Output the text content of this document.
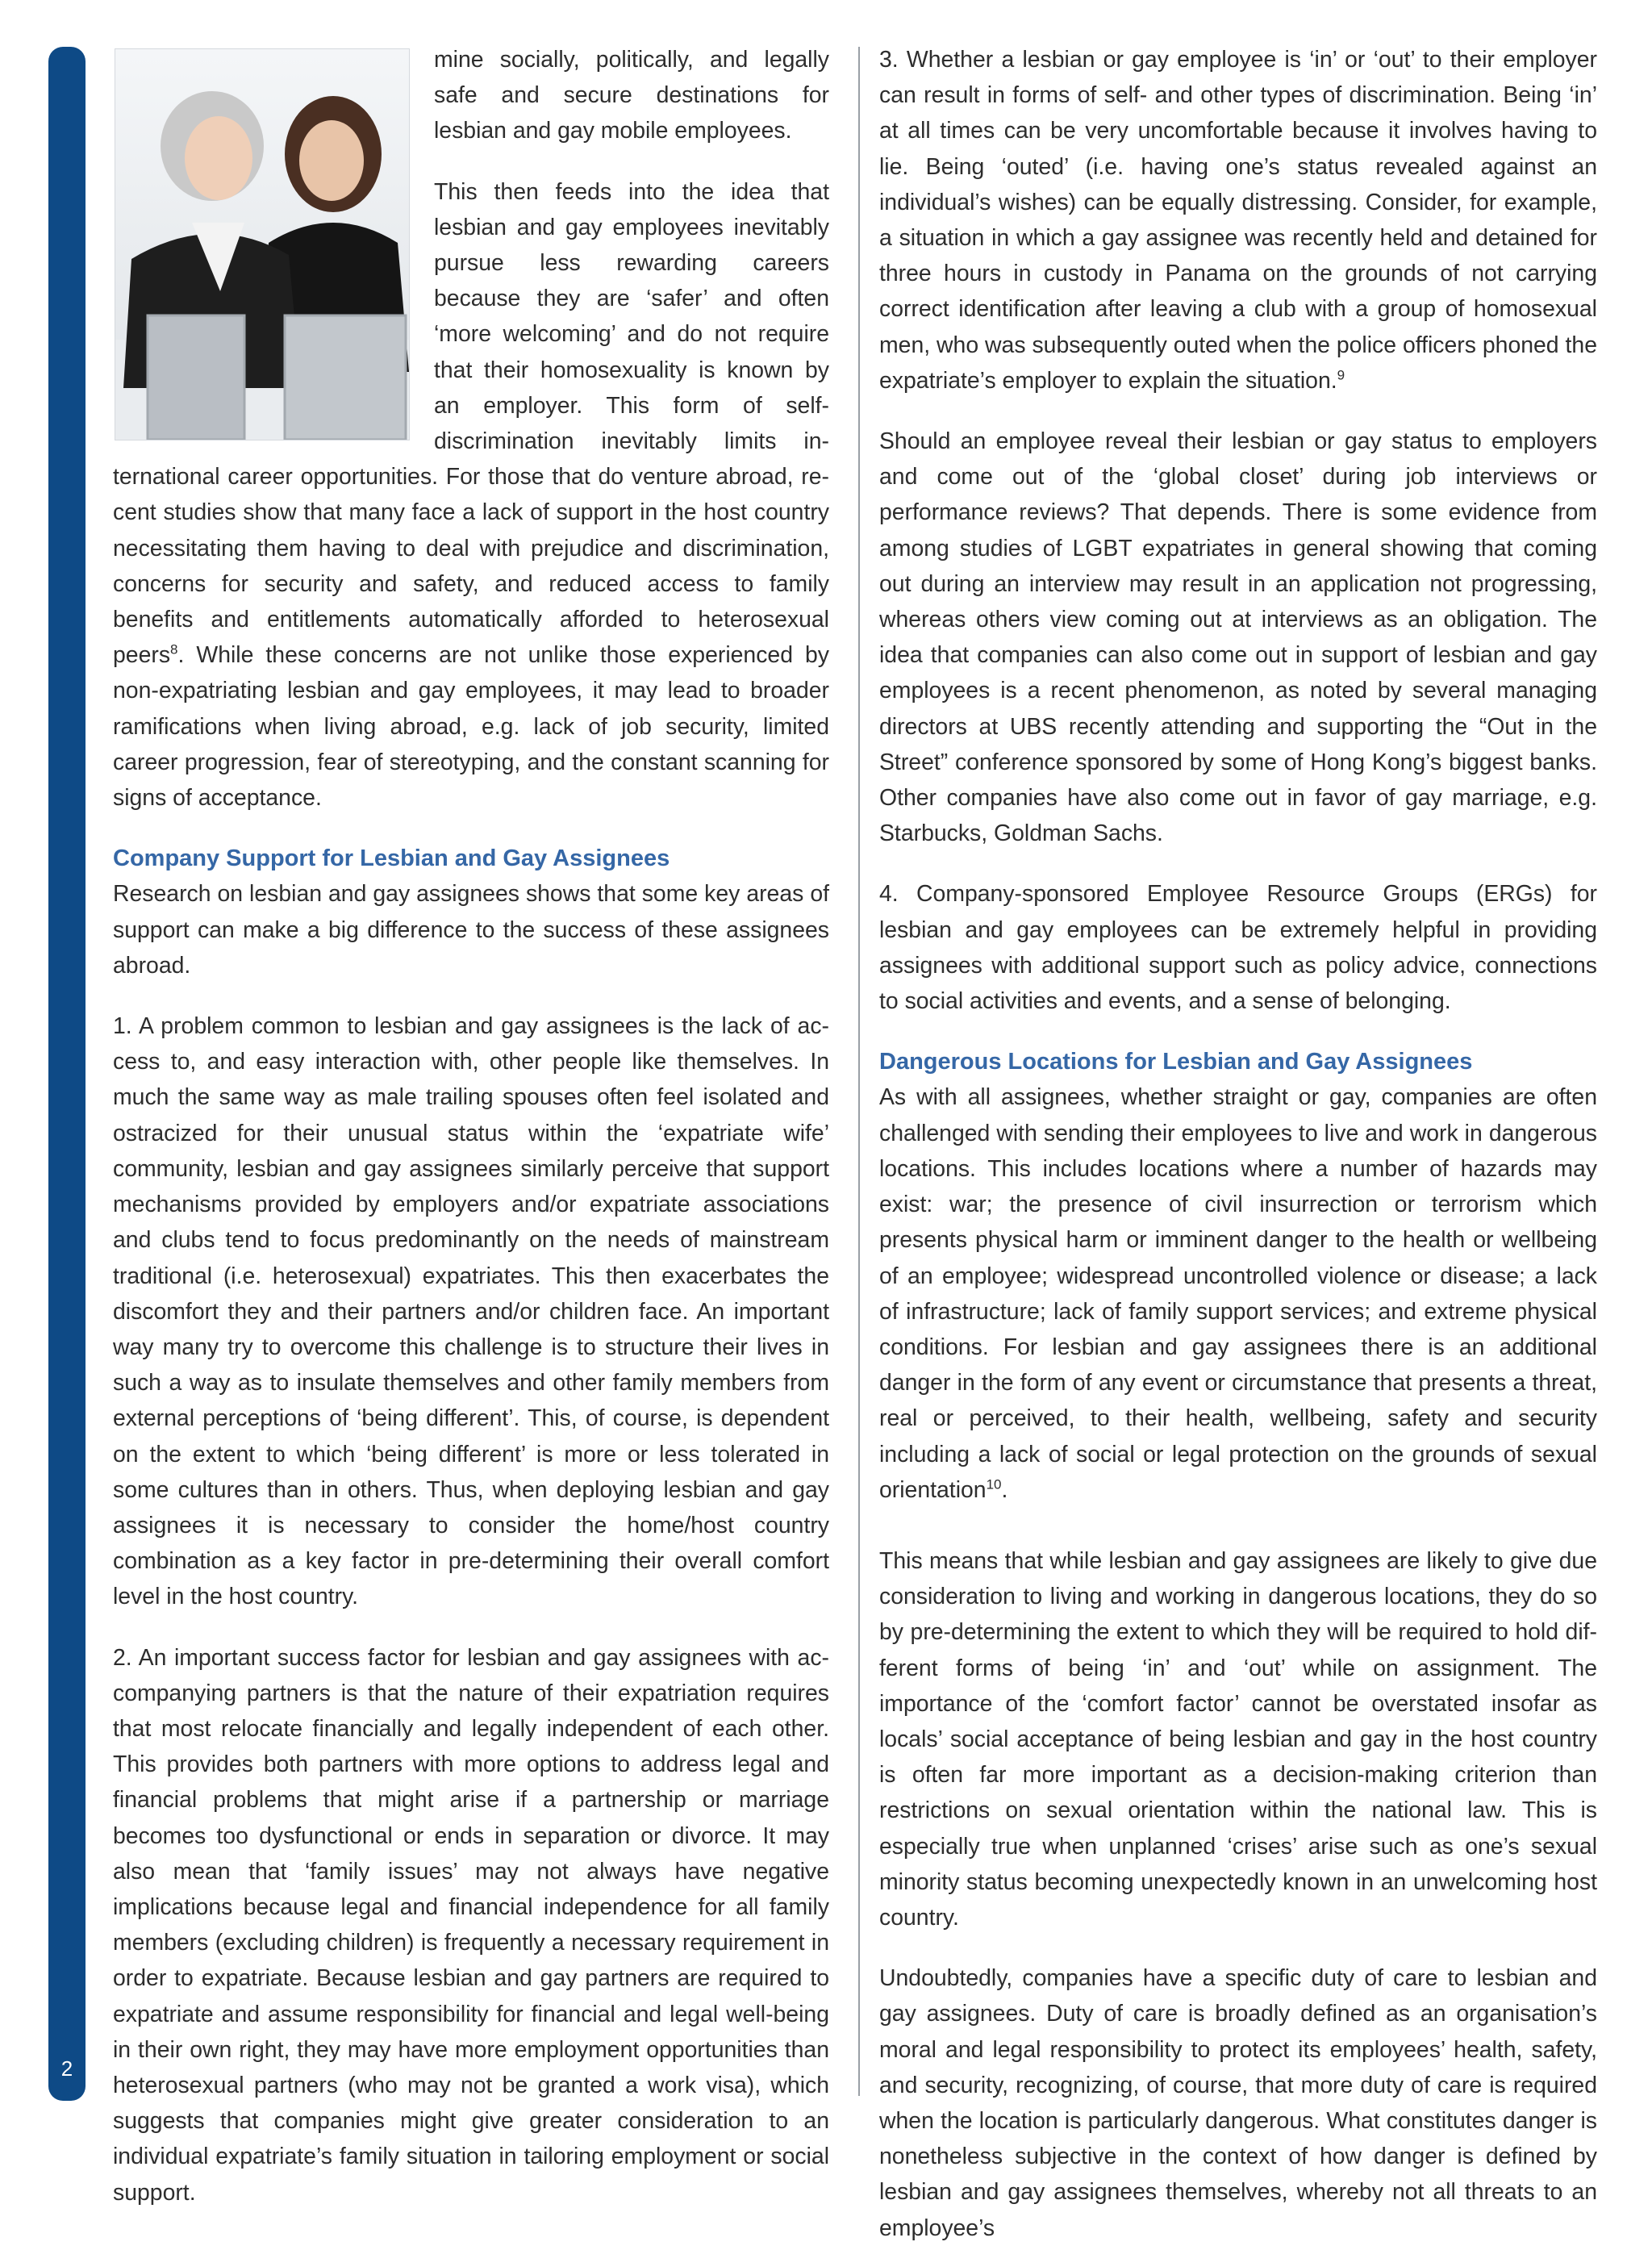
2

mine socially, politically, and legally safe and secure destinations for lesbian and gay mobile employees.

This then feeds into the idea that lesbian and gay employees inevitably pursue less rewarding careers because they are ‘safer’ and often ‘more welcoming’ and do not require that their homosexuality is known by an employer. This form of self-discrimination inevitably limits international career opportunities. For those that do venture abroad, recent studies show that many face a lack of support in the host country necessitating them having to deal with prejudice and discrimination, concerns for security and safety, and reduced access to family benefits and entitlements automatically afforded to heterosexual peers$^8$. While these concerns are not unlike those experienced by non-expatriating lesbian and gay employees, it may lead to broader ramifications when living abroad, e.g. lack of job security, limited career progression, fear of stereotyping, and the constant scanning for signs of acceptance.

Company Support for Lesbian and Gay Assignees

Research on lesbian and gay assignees shows that some key areas of support can make a big difference to the success of these assignees abroad.

1. A problem common to lesbian and gay assignees is the lack of access to, and easy interaction with, other people like themselves. In much the same way as male trailing spouses often feel isolated and ostracized for their unusual status within the ‘expatriate wife’ community, lesbian and gay assignees similarly perceive that support mechanisms provided by employers and/or expatriate associations and clubs tend to focus predominantly on the needs of mainstream traditional (i.e. heterosexual) expatriates. This then exacerbates the discomfort they and their partners and/or children face. An important way many try to overcome this challenge is to structure their lives in such a way as to insulate themselves and other family members from external perceptions of ‘being different’. This, of course, is dependent on the extent to which ‘being different’ is more or less tolerated in some cultures than in others. Thus, when deploying lesbian and gay assignees it is necessary to consider the home/host country combination as a key factor in pre-determining their overall comfort level in the host country.

2. An important success factor for lesbian and gay assignees with accompanying partners is that the nature of their expatriation requires that most relocate financially and legally independent of each other. This provides both partners with more options to address legal and financial problems that might arise if a partnership or marriage becomes too dysfunctional or ends in separation or divorce. It may also mean that ‘family issues’ may not always have negative implications because legal and financial independence for all family members (excluding children) is frequently a necessary requirement in order to expatriate. Because lesbian and gay partners are required to expatriate and assume responsibility for financial and legal well-being in their own right, they may have more employment opportunities than heterosexual partners (who may not be granted a work visa), which suggests that companies might give greater consideration to an individual expatriate’s family situation in tailoring employment or social support.

3. Whether a lesbian or gay employee is ‘in’ or ‘out’ to their employer can result in forms of self- and other types of discrimination. Being ‘in’ at all times can be very uncomfortable because it involves having to lie. Being ‘outed’ (i.e. having one’s status revealed against an individual’s wishes) can be equally distressing. Consider, for example, a situation in which a gay assignee was recently held and detained for three hours in custody in Panama on the grounds of not carrying correct identification after leaving a club with a group of homosexual men, who was subsequently outed when the police officers phoned the expatriate’s employer to explain the situation.$^9$

Should an employee reveal their lesbian or gay status to employers and come out of the ‘global closet’ during job interviews or performance reviews? That depends. There is some evidence from among studies of LGBT expatriates in general showing that coming out during an interview may result in an application not progressing, whereas others view coming out at interviews as an obligation. The idea that companies can also come out in support of lesbian and gay employees is a recent phenomenon, as noted by several managing directors at UBS recently attending and supporting the “Out in the Street” conference sponsored by some of Hong Kong’s biggest banks. Other companies have also come out in favor of gay marriage, e.g. Starbucks, Goldman Sachs.

4. Company-sponsored Employee Resource Groups (ERGs) for lesbian and gay employees can be extremely helpful in providing assignees with additional support such as policy advice, connections to social activities and events, and a sense of belonging.

Dangerous Locations for Lesbian and Gay Assignees

As with all assignees, whether straight or gay, companies are often challenged with sending their employees to live and work in dangerous locations. This includes locations where a number of hazards may exist: war; the presence of civil insurrection or terrorism which presents physical harm or imminent danger to the health or wellbeing of an employee; widespread uncontrolled violence or disease; a lack of infrastructure; lack of family support services; and extreme physical conditions. For lesbian and gay assignees there is an additional danger in the form of any event or circumstance that presents a threat, real or perceived, to their health, wellbeing, safety and security including a lack of social or legal protection on the grounds of sexual orientation$^{10}$.

This means that while lesbian and gay assignees are likely to give due consideration to living and working in dangerous locations, they do so by pre-determining the extent to which they will be required to hold different forms of being ‘in’ and ‘out’ while on assignment. The importance of the ‘comfort factor’ cannot be overstated insofar as locals’ social acceptance of being lesbian and gay in the host country is often far more important as a decision-making criterion than restrictions on sexual orientation within the national law. This is especially true when unplanned ‘crises’ arise such as one’s sexual minority status becoming unexpectedly known in an unwelcoming host country.

Undoubtedly, companies have a specific duty of care to lesbian and gay assignees. Duty of care is broadly defined as an organisation’s moral and legal responsibility to protect its employees’ health, safety, and security, recognizing, of course, that more duty of care is required when the location is particularly dangerous. What constitutes danger is nonetheless subjective in the context of how danger is defined by lesbian and gay assignees themselves, whereby not all threats to an employee’s
